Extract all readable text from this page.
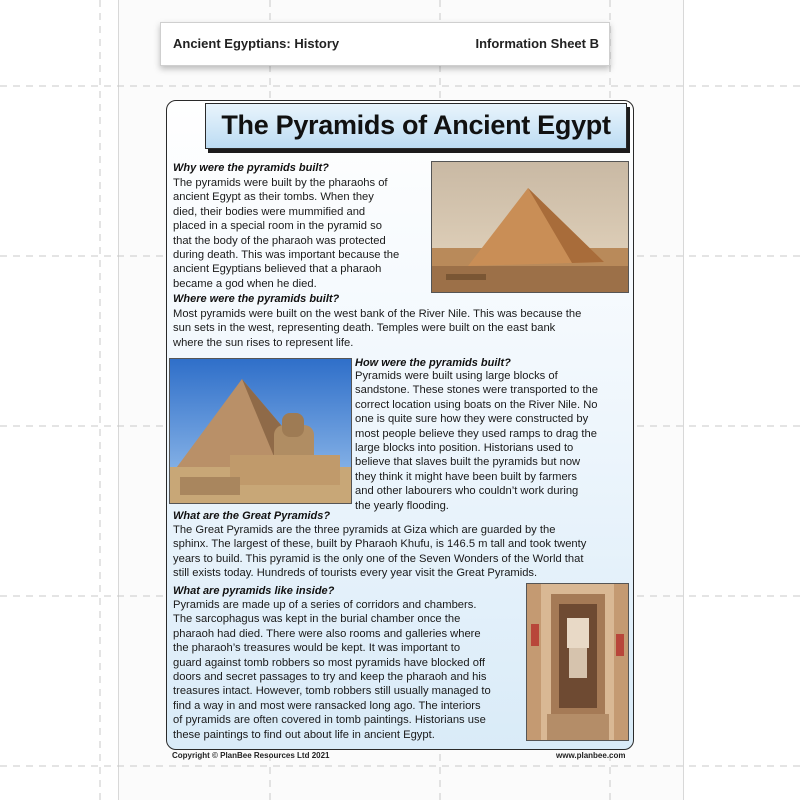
Ancient Egyptians: History	Information Sheet B
The Pyramids of Ancient Egypt
Why were the pyramids built?
The pyramids were built by the pharaohs of
ancient Egypt as their tombs. When they
died, their bodies were mummified and
placed in a special room in the pyramid so
that the body of the pharaoh was protected
during death. This was important because the
ancient Egyptians believed that a pharaoh
became a god when he died.
Where were the pyramids built?
Most pyramids were built on the west bank of the River Nile. This was because the
sun sets in the west, representing death. Temples were built on the east bank
where the sun rises to represent life.
How were the pyramids built?
Pyramids were built using large blocks of
sandstone. These stones were transported to the
correct location using boats on the River Nile. No
one is quite sure how they were constructed by
most people believe they used ramps to drag the
large blocks into position. Historians used to
believe that slaves built the pyramids but now
they think it might have been built by farmers
and other labourers who couldn’t work during
the yearly flooding.
What are the Great Pyramids?
The Great Pyramids are the three pyramids at Giza which are guarded by the
sphinx. The largest of these, built by Pharaoh Khufu, is 146.5 m tall and took twenty
years to build. This pyramid is the only one of the Seven Wonders of the World that
still exists today. Hundreds of tourists every year visit the Great Pyramids.
What are pyramids like inside?
Pyramids are made up of a series of corridors and chambers.
The sarcophagus was kept in the burial chamber once the
pharaoh had died. There were also rooms and galleries where
the pharaoh’s treasures would be kept. It was important to
guard against tomb robbers so most pyramids have blocked off
doors and secret passages to try and keep the pharaoh and his
treasures intact. However, tomb robbers still usually managed to
find a way in and most were ransacked long ago. The interiors
of pyramids are often covered in tomb paintings. Historians use
these paintings to find out about life in ancient Egypt.
Copyright © PlanBee Resources Ltd 2021	www.planbee.com
